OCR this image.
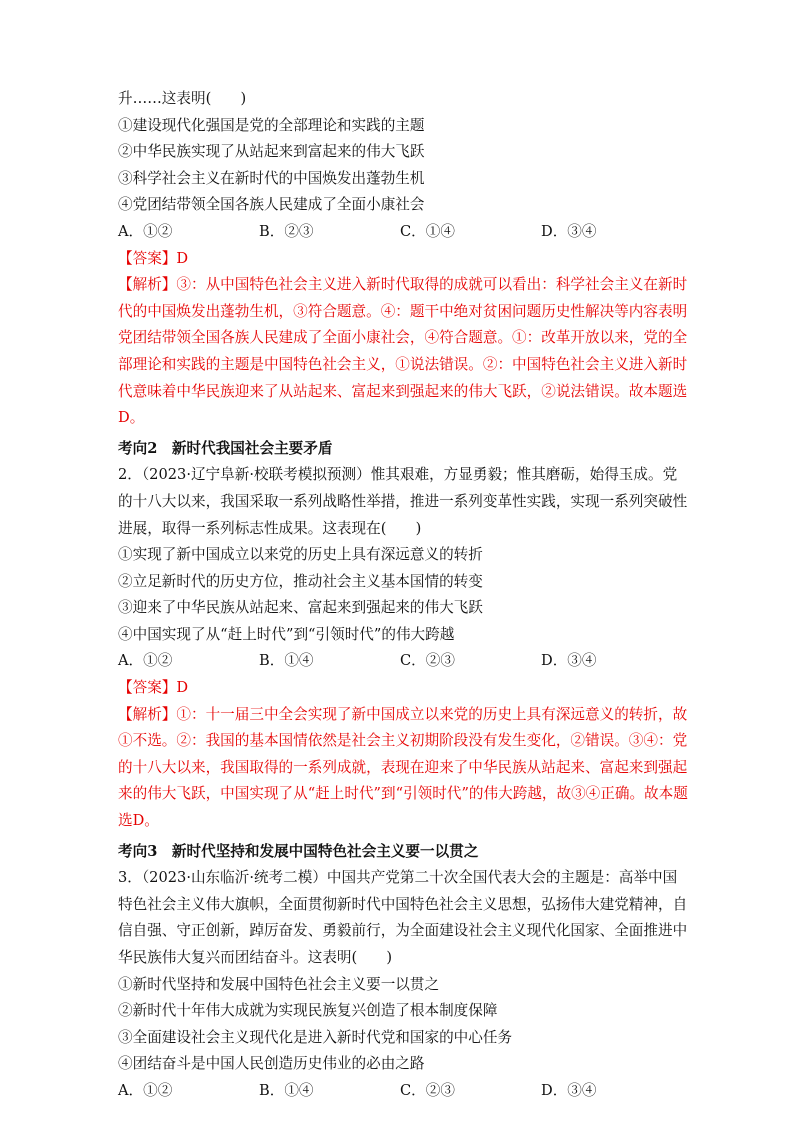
升……这表明(　　)
①建设现代化强国是党的全部理论和实践的主题
②中华民族实现了从站起来到富起来的伟大飞跃
③科学社会主义在新时代的中国焕发出蓬勃生机
④党团结带领全国各族人民建成了全面小康社会
A．①②	B．②③	C．①④	D．③④
【答案】D
【解析】③：从中国特色社会主义进入新时代取得的成就可以看出：科学社会主义在新时代的中国焕发出蓬勃生机，③符合题意。④：题干中绝对贫困问题历史性解决等内容表明党团结带领全国各族人民建成了全面小康社会，④符合题意。①：改革开放以来，党的全部理论和实践的主题是中国特色社会主义，①说法错误。②：中国特色社会主义进入新时代意味着中华民族迎来了从站起来、富起来到强起来的伟大飞跃，②说法错误。故本题选D。
考向2　新时代我国社会主要矛盾
2．（2023·辽宁阜新·校联考模拟预测）惟其艰难，方显勇毅；惟其磨砺，始得玉成。党的十八大以来，我国采取一系列战略性举措，推进一系列变革性实践，实现一系列突破性进展，取得一系列标志性成果。这表现在(　　)
①实现了新中国成立以来党的历史上具有深远意义的转折
②立足新时代的历史方位，推动社会主义基本国情的转变
③迎来了中华民族从站起来、富起来到强起来的伟大飞跃
④中国实现了从“赶上时代”到“引领时代”的伟大跨越
A．①②	B．①④	C．②③	D．③④
【答案】D
【解析】①：十一届三中全会实现了新中国成立以来党的历史上具有深远意义的转折，故①不选。②：我国的基本国情依然是社会主义初期阶段没有发生变化，②错误。③④：党的十八大以来，我国取得的一系列成就，表现在迎来了中华民族从站起来、富起来到强起来的伟大飞跃，中国实现了从“赶上时代”到“引领时代”的伟大跨越，故③④正确。故本题选D。
考向3　新时代坚持和发展中国特色社会主义要一以贯之
3．（2023·山东临沂·统考二模）中国共产党第二十次全国代表大会的主题是：高举中国特色社会主义伟大旗帜，全面贯彻新时代中国特色社会主义思想，弘扬伟大建党精神，自信自强、守正创新，踔厉奋发、勇毅前行，为全面建设社会主义现代化国家、全面推进中华民族伟大复兴而团结奋斗。这表明(　　)
①新时代坚持和发展中国特色社会主义要一以贯之
②新时代十年伟大成就为实现民族复兴创造了根本制度保障
③全面建设社会主义现代化是进入新时代党和国家的中心任务
④团结奋斗是中国人民创造历史伟业的必由之路
A．①②	B．①④	C．②③	D．③④
